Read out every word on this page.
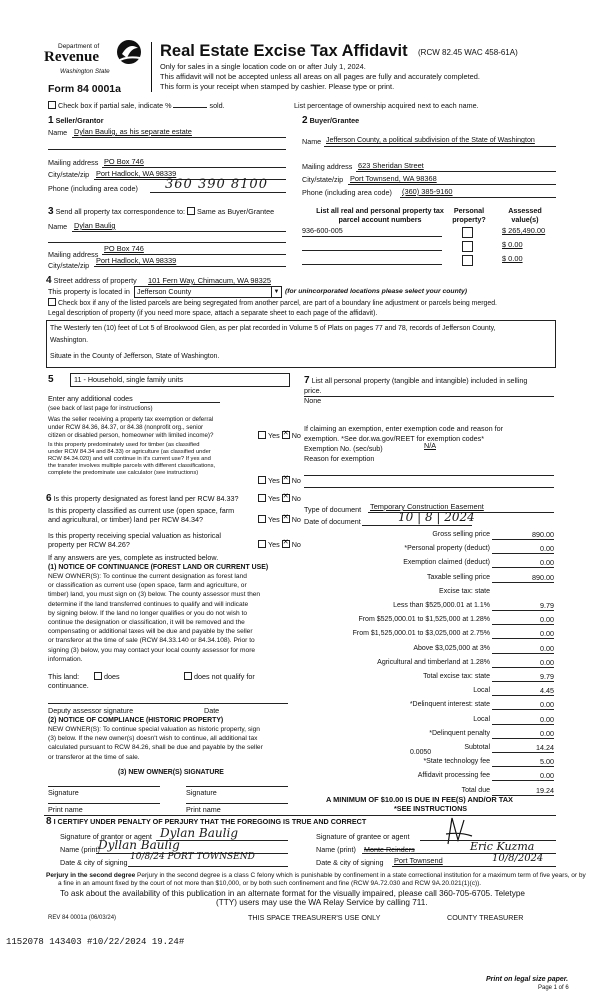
Department of
Revenue
Washington State
Form 84 0001a
Real Estate Excise Tax Affidavit (RCW 82.45 WAC 458-61A)
Only for sales in a single location code on or after July 1, 2024.
This affidavit will not be accepted unless all areas on all pages are fully and accurately completed.
This form is your receipt when stamped by cashier. Please type or print.
Check box if partial sale, indicate %	sold.	List percentage of ownership acquired next to each name.
1 Seller/Grantor
Name Dylan Baulig, as his separate estate
Mailing address PO Box 746
City/state/zip Port Hadlock, WA 98339
Phone (including area code) 360 390 8100
2 Buyer/Grantee
Name Jefferson County, a political subdivision of the State of Washington
Mailing address 623 Sheridan Street
City/state/zip Port Townsend, WA 98368
Phone (including area code) (360) 385-9160
3 Send all property tax correspondence to: Same as Buyer/Grantee
Name Dylan Baulig
Mailing address
PO Box 746
City/state/zip
Port Hadlock, WA 98339
List all real and personal property tax
parcel account numbers
Personal
property?
Assessed
value(s)
936-600-005	$ 265,490.00
$ 0.00
$ 0.00
4 Street address of property 101 Fern Way, Chimacum, WA 98325
This property is located in Jefferson County	▼ (for unincorporated locations please select your county)
Check box if any of the listed parcels are being segregated from another parcel, are part of a boundary line adjustment or parcels being merged.
Legal description of property (if you need more space, attach a separate sheet to each page of the affidavit).
The Westerly ten (10) feet of Lot 5 of Brookwood Glen, as per plat recorded in Volume 5 of Plats on pages 77 and 78, records of Jefferson County,
Washington.
Situate in the County of Jefferson, State of Washington.
5	11 - Household, single family units
Enter any additional codes
(see back of last page for instructions)
Was the seller receiving a property tax exemption or deferral
under RCW 84.36, 84.37, or 84.38 (nonprofit org., senior
citizen or disabled person, homeowner with limited income)?	Yes ✕ No
Is this property predominately used for timber (as classified
under RCW 84.34 and 84.33) or agriculture (as classified under
RCW 84.34.020) and will continue in it's current use? If yes and
the transfer involves multiple parcels with different classifications,
complete the predominate use calculator (see instructions)
Yes ✕ No
6 Is this property designated as forest land per RCW 84.33?	Yes ✕ No
Is this property classified as current use (open space, farm
and agricultural, or timber) land per RCW 84.34?	Yes ✕ No
Is this property receiving special valuation as historical
property per RCW 84.26?	Yes ✕ No
If any answers are yes, complete as instructed below.
(1) NOTICE OF CONTINUANCE (FOREST LAND OR CURRENT USE)
NEW OWNER(S): To continue the current designation as forest land
or classification as current use (open space, farm and agriculture, or
timber) land, you must sign on (3) below. The county assessor must then
determine if the land transferred continues to qualify and will indicate
by signing below. If the land no longer qualifies or you do not wish to
continue the designation or classification, it will be removed and the
compensating or additional taxes will be due and payable by the seller
or transferor at the time of sale (RCW 84.33.140 or 84.34.108). Prior to
signing (3) below, you may contact your local county assessor for more
information.
This land:	does	does not qualify for
continuance.
Deputy assessor signature	Date
(2) NOTICE OF COMPLIANCE (HISTORIC PROPERTY)
NEW OWNER(S): To continue special valuation as historic property, sign
(3) below. If the new owner(s) doesn't wish to continue, all additional tax
calculated pursuant to RCW 84.26, shall be due and payable by the seller
or transferor at the time of sale.
(3) NEW OWNER(S) SIGNATURE
Signature	Signature
Print name	Print name
7 List all personal property (tangible and intangible) included in selling
price.
None
If claiming an exemption, enter exemption code and reason for
exemption. *See dor.wa.gov/REET for exemption codes*
Exemption No. (sec/sub)	N/A
Reason for exemption
Type of document Temporary Construction Easement
Date of document	10 | 8 | 2024
Gross selling price	890.00
*Personal property (deduct)	0.00
Exemption claimed (deduct)	0.00
Taxable selling price	890.00
Excise tax: state
Less than $525,000.01 at 1.1%	9.79
From $525,000.01 to $1,525,000 at 1.28%	0.00
From $1,525,000.01 to $3,025,000 at 2.75%	0.00
Above $3,025,000 at 3%	0.00
Agricultural and timberland at 1.28%	0.00
Total excise tax: state	9.79
Local	4.45
*Delinquent interest: state	0.00
Local	0.00
*Delinquent penalty	0.00
Subtotal	14.24
*State technology fee	5.00
Affidavit processing fee	0.00
Total due	19.24
0.0050
A MINIMUM OF $10.00 IS DUE IN FEE(S) AND/OR TAX
*SEE INSTRUCTIONS
8 I CERTIFY UNDER PENALTY OF PERJURY THAT THE FOREGOING IS TRUE AND CORRECT
Signature of grantor or agent Dylan Baulig
Name (print)
Dyllan Baulig
Date & city of signing
10/8/24 PORT TOWNSEND
Signature of grantee or agent
Name (print) Monte Reinders	Eric Kuzma
Date & city of signing Port Townsend	10/8/2024
Perjury in the second degree Perjury in the second degree is a class C felony which is punishable by confinement in a state correctional institution for a maximum term of five years, or by
a fine in an amount fixed by the court of not more than $10,000, or by both such confinement and fine (RCW 9A.72.030 and RCW 9A.20.021(1)(c)).
To ask about the availability of this publication in an alternate format for the visually impaired, please call 360-705-6705. Teletype
(TTY) users may use the WA Relay Service by calling 711.
REV 84 0001a (06/03/24)	THIS SPACE TREASURER'S USE ONLY	COUNTY TREASURER
1152078 143403 #10/22/2024 19.24#
Print on legal size paper.
Page 1 of 6
